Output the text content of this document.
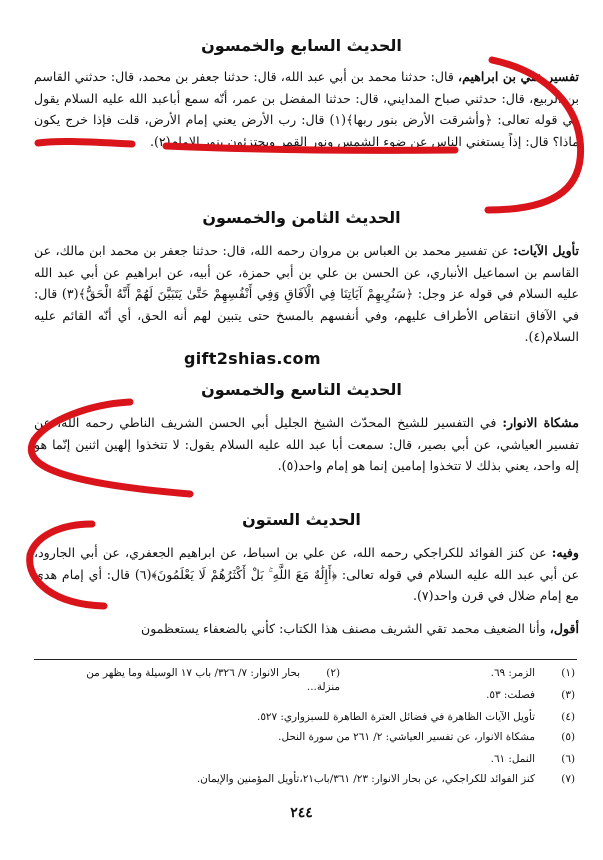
الحديث السابع والخمسون
تفسير علي بن ابراهيم، قال: حدثنا محمد بن أبي عبد الله، قال: حدثنا جعفر بن محمد، قال: حدثني القاسم بن الربيع، قال: حدثني صباح المدايني، قال: حدثنا المفضل بن عمر، أنّه سمع أباعبد الله عليه السلام يقول في قوله تعالى: ﴿وأشرقت الأرض بنور ربها﴾(١) قال: رب الأرض يعني إمام الأرض، قلت فإذا خرج يكون ماذا؟ قال: إذاً يستغني الناس عن ضوء الشمس ونور القمر ويجتزئون بنور الإمام(٢).
الحديث الثامن والخمسون
تأويل الآيات: عن تفسير محمد بن العباس بن مروان رحمه الله، قال: حدثنا جعفر بن محمد ابن مالك، عن القاسم بن اسماعيل الأنباري، عن الحسن بن علي بن أبي حمزة، عن أبيه، عن ابراهيم عن أبي عبد الله عليه السلام في قوله عز وجل: ﴿سَنُرِيهِمْ آيَاتِنَا فِي الْآفَاقِ وَفِي أَنْفُسِهِمْ حَتَّىٰ يَتَبَيَّنَ لَهُمْ أَنَّهُ الْحَقُّ﴾(٣) قال: في الآفاق انتقاص الأطراف عليهم، وفي أنفسهم بالمسخ حتى يتبين لهم أنه الحق، أي أنّه القائم عليه السلام(٤).
gift2shias.com
الحديث التاسع والخمسون
مشكاة الانوار: في التفسير للشيخ المحدّث الشيخ الجليل أبي الحسن الشريف الناطي رحمه الله، عن تفسير العياشي، عن أبي بصير، قال: سمعت أبا عبد الله عليه السلام يقول: لا تتخذوا إلهين اثنين إنّما هو إله واحد، يعني بذلك لا تتخذوا إمامين إنما هو إمام واحد(٥).
الحديث الستون
وفيه: عن كنز الفوائد للكراجكي رحمه الله، عن علي بن اسباط، عن ابراهيم الجعفري، عن أبي الجارود، عن أبي عبد الله عليه السلام في قوله تعالى: ﴿أَإِلَٰهٌ مَعَ اللَّهِ ۚ بَلْ أَكْثَرُهُمْ لَا يَعْلَمُونَ﴾(٦) قال: أي إمام هدى مع إمام ضلال في قرن واحد(٧).
أقول، وأنا الضعيف محمد تقي الشريف مصنف هذا الكتاب: كأني بالضعفاء يستعظمون
(١)الزمر: ٦٩.(٢)بحار الانوار: ٧/ ٣٢٦/ باب ١٧ الوسيلة وما يظهر من منزلة...
(٣)فصلت: ٥٣.
(٤)تأويل الآيات الظاهرة في فضائل العترة الطاهرة للسبزواري: ٥٢٧.
(٥)مشكاة الانوار، عن تفسير العياشي: ٢/ ٢٦١ من سورة النحل.
(٦)النمل: ٦١.
(٧)كنز الفوائد للكراجكي، عن بحار الانوار: ٢٣/ ٣٦١/باب٢١،تأويل المؤمنين والإيمان.
٢٤٤
